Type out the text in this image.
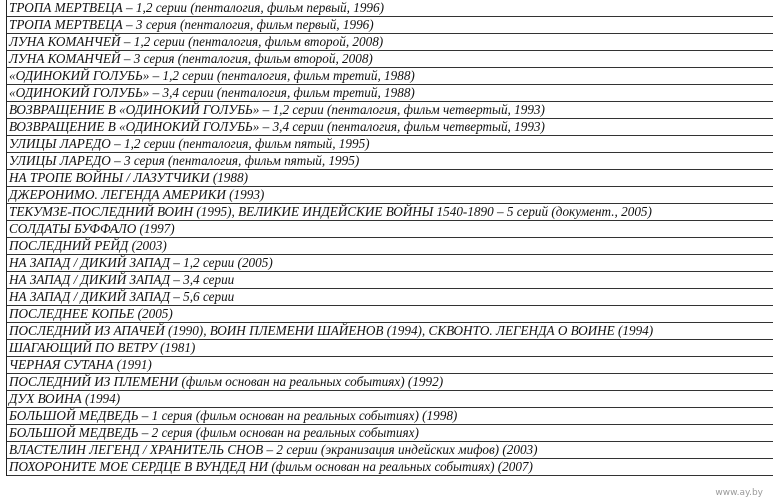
ТРОПА МЕРТВЕЦА – 1,2 серии (пенталогия, фильм первый, 1996)
ТРОПА МЕРТВЕЦА – 3 серия (пенталогия, фильм первый, 1996)
ЛУНА КОМАНЧЕЙ – 1,2 серии (пенталогия, фильм второй, 2008)
ЛУНА КОМАНЧЕЙ – 3 серия (пенталогия, фильм второй, 2008)
«ОДИНОКИЙ ГОЛУБЬ» – 1,2 серии (пенталогия, фильм третий, 1988)
«ОДИНОКИЙ ГОЛУБЬ» – 3,4 серии (пенталогия, фильм третий, 1988)
ВОЗВРАЩЕНИЕ В «ОДИНОКИЙ ГОЛУБЬ» – 1,2 серии (пенталогия, фильм четвертый, 1993)
ВОЗВРАЩЕНИЕ В «ОДИНОКИЙ ГОЛУБЬ» – 3,4 серии (пенталогия, фильм четвертый, 1993)
УЛИЦЫ ЛАРЕДО – 1,2 серии (пенталогия, фильм пятый, 1995)
УЛИЦЫ ЛАРЕДО – 3 серия (пенталогия, фильм пятый, 1995)
НА ТРОПЕ ВОЙНЫ / ЛАЗУТЧИКИ (1988)
ДЖЕРОНИМО. ЛЕГЕНДА АМЕРИКИ (1993)
ТЕКУМЗЕ-ПОСЛЕДНИЙ ВОИН (1995), ВЕЛИКИЕ ИНДЕЙСКИЕ ВОЙНЫ 1540-1890 – 5 серий (документ., 2005)
СОЛДАТЫ БУФФАЛО (1997)
ПОСЛЕДНИЙ РЕЙД (2003)
НА ЗАПАД / ДИКИЙ ЗАПАД – 1,2 серии (2005)
НА ЗАПАД / ДИКИЙ ЗАПАД – 3,4 серии
НА ЗАПАД / ДИКИЙ ЗАПАД – 5,6 серии
ПОСЛЕДНЕЕ КОПЬЕ (2005)
ПОСЛЕДНИЙ ИЗ АПАЧЕЙ (1990), ВОИН ПЛЕМЕНИ ШАЙЕНОВ (1994), СКВОНТО. ЛЕГЕНДА О ВОИНЕ (1994)
ШАГАЮЩИЙ ПО ВЕТРУ (1981)
ЧЕРНАЯ СУТАНА (1991)
ПОСЛЕДНИЙ ИЗ ПЛЕМЕНИ (фильм основан на реальных событиях) (1992)
ДУХ ВОИНА (1994)
БОЛЬШОЙ МЕДВЕДЬ – 1 серия (фильм основан на реальных событиях) (1998)
БОЛЬШОЙ МЕДВЕДЬ – 2 серия (фильм основан на реальных событиях)
ВЛАСТЕЛИН ЛЕГЕНД / ХРАНИТЕЛЬ СНОВ – 2 серии (экранизация индейских мифов) (2003)
ПОХОРОНИТЕ МОЕ СЕРДЦЕ В ВУНДЕД НИ (фильм основан на реальных событиях) (2007)
www.ay.by
